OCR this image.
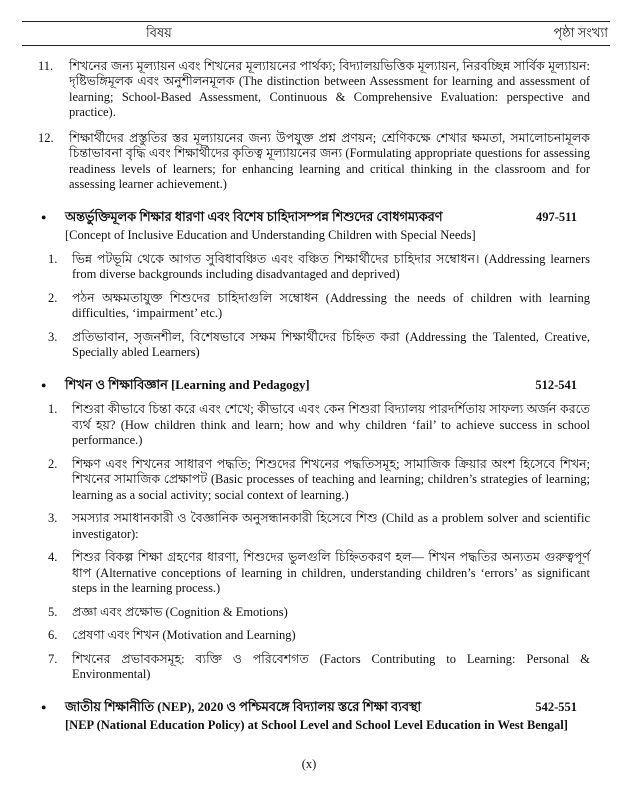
বিষয়	পৃষ্ঠা সংখ্যা
11.	শিখনের জন্য মূল্যায়ন এবং শিখনের মূল্যায়নের পার্থক্য; বিদ্যালয়ভিত্তিক মূল্যায়ন, নিরবচ্ছিন্ন সার্বিক মূল্যায়ন: দৃষ্টিভঙ্গিমূলক এবং অনুশীলনমূলক (The distinction between Assessment for learning and assessment of learning; School-Based Assessment, Continuous & Comprehensive Evaluation: perspective and practice).
12.	শিক্ষার্থীদের প্রস্তুতির স্তর মূল্যায়নের জন্য উপযুক্ত প্রশ্ন প্রণয়ন; শ্রেণিকক্ষে শেখার ক্ষমতা, সমালোচনামূলক চিন্তাভাবনা বৃদ্ধি এবং শিক্ষার্থীদের কৃতিত্ব মূল্যায়নের জন্য (Formulating appropriate questions for assessing readiness levels of learners; for enhancing learning and critical thinking in the classroom and for assessing learner achievement.)
●	অন্তর্ভুক্তিমূলক শিক্ষার ধারণা এবং বিশেষ চাহিদাসম্পন্ন শিশুদের বোধগম্যকরণ	497-511
[Concept of Inclusive Education and Understanding Children with Special Needs]
1.	ভিন্ন পটভূমি থেকে আগত সুবিধাবঞ্চিত এবং বঞ্চিত শিক্ষার্থীদের চাহিদার সম্বোধন। (Addressing learners from diverse backgrounds including disadvantaged and deprived)
2.	পঠন অক্ষমতাযুক্ত শিশুদের চাহিদাগুলি সম্বোধন (Addressing the needs of children with learning difficulties, ‘impairment’ etc.)
3.	প্রতিভাবান, সৃজনশীল, বিশেষভাবে সক্ষম শিক্ষার্থীদের চিহ্নিত করা (Addressing the Talented, Creative, Specially abled Learners)
●	শিখন ও শিক্ষাবিজ্ঞান [Learning and Pedagogy]	512-541
1.	শিশুরা কীভাবে চিন্তা করে এবং শেখে; কীভাবে এবং কেন শিশুরা বিদ্যালয় পারদর্শিতায় সাফল্য অর্জন করতে ব্যর্থ হয়? (How children think and learn; how and why children ‘fail’ to achieve success in school performance.)
2.	শিক্ষণ এবং শিখনের সাধারণ পদ্ধতি; শিশুদের শিখনের পদ্ধতিসমূহ; সামাজিক ক্রিয়ার অংশ হিসেবে শিখন; শিখনের সামাজিক প্রেক্ষাপট (Basic processes of teaching and learning; children’s strategies of learning; learning as a social activity; social context of learning.)
3.	সমস্যার সমাধানকারী ও বৈজ্ঞানিক অনুসন্ধানকারী হিসেবে শিশু (Child as a problem solver and scientific investigator):
4.	শিশুর বিকল্প শিক্ষা গ্রহণের ধারণা, শিশুদের ভুলগুলি চিহ্নিতকরণ হল— শিখন পদ্ধতির অন্যতম গুরুত্বপূর্ণ ধাপ (Alternative conceptions of learning in children, understanding children’s ‘errors’ as significant steps in the learning process.)
5.	প্রজ্ঞা এবং প্রক্ষোভ (Cognition & Emotions)
6.	প্রেষণা এবং শিখন (Motivation and Learning)
7.	শিখনের প্রভাবকসমূহ: ব্যক্তি ও পরিবেশগত (Factors Contributing to Learning: Personal & Environmental)
●	জাতীয় শিক্ষানীতি (NEP), 2020 ও পশ্চিমবঙ্গে বিদ্যালয় স্তরে শিক্ষা ব্যবস্থা	542-551
[NEP (National Education Policy) at School Level and School Level Education in West Bengal]
(x)
